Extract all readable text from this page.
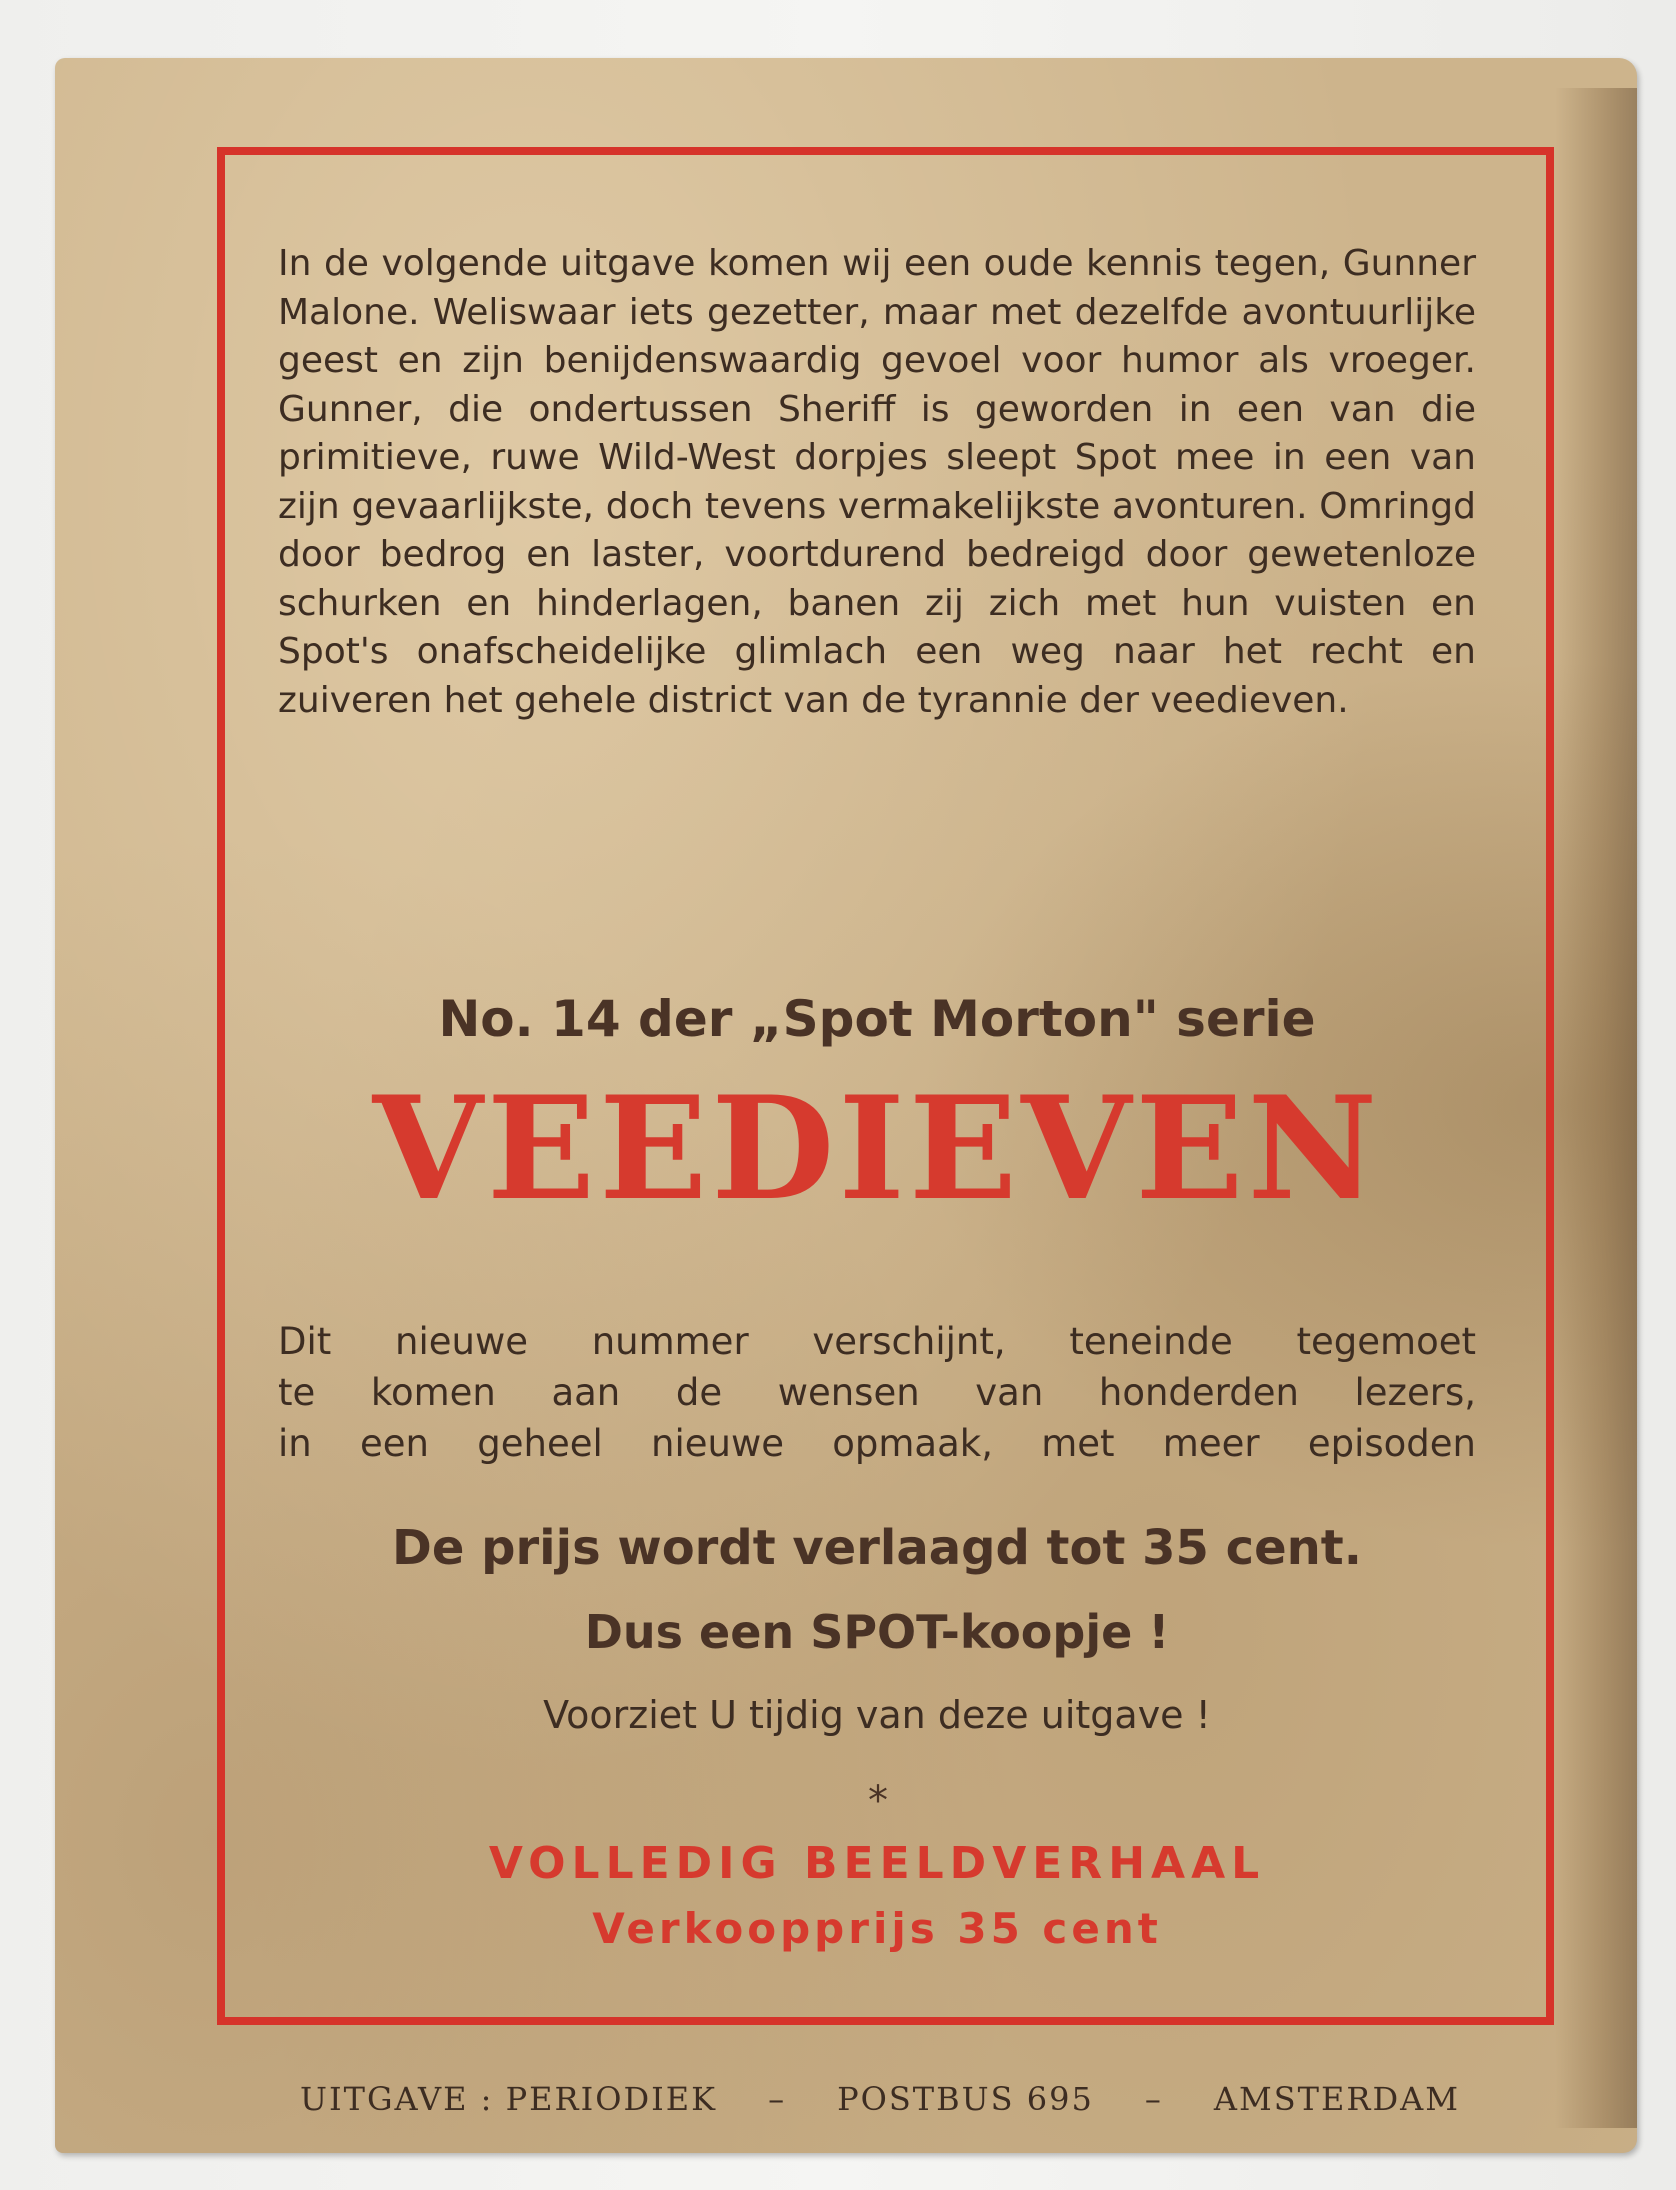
In de volgende uitgave komen wij een oude kennis tegen, Gunner Malone. Weliswaar iets gezetter, maar met dezelfde avontuurlijke geest en zijn benijdenswaardig gevoel voor humor als vroeger. Gunner, die ondertussen Sheriff is geworden in een van die primitieve, ruwe Wild-West dorpjes sleept Spot mee in een van zijn gevaarlijkste, doch tevens vermakelijkste avonturen. Omringd door bedrog en laster, voortdurend bedreigd door gewetenloze schurken en hinderlagen, banen zij zich met hun vuisten en Spot's onafscheidelijke glimlach een weg naar het recht en zuiveren het gehele district van de tyrannie der veedieven.

No. 14 der „Spot Morton" serie

VEEDIEVEN

Dit nieuwe nummer verschijnt, teneinde tegemoet
te komen aan de wensen van honderden lezers,
in een geheel nieuwe opmaak, met meer episoden

De prijs wordt verlaagd tot 35 cent.

Dus een SPOT-koopje !

Voorziet U tijdig van deze uitgave !

*

VOLLEDIG BEELDVERHAAL

Verkoopprijs 35 cent

UITGAVE : PERIODIEK – POSTBUS 695 – AMSTERDAM
